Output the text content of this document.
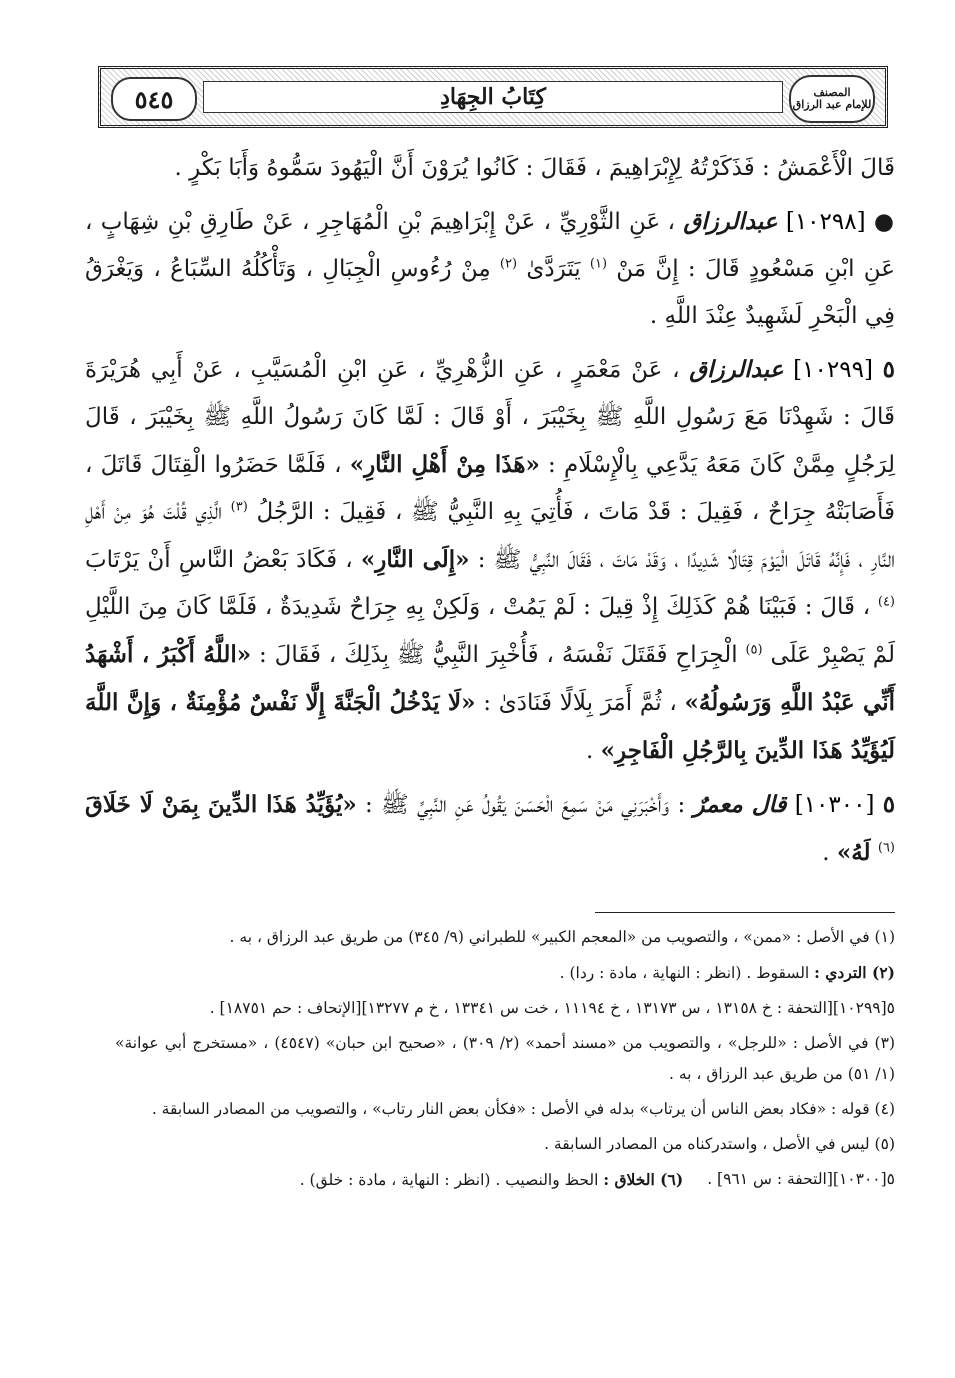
المصنف
للإمام عبد الرزاق
كِتَابُ الجِهَادِ
٥٤٥

قَالَ الْأَعْمَشُ : فَذَكَرْتُهُ لِإِبْرَاهِيمَ ، فَقَالَ : كَانُوا يُرَوْنَ أَنَّ الْيَهُودَ سَمُّوهُ وَأَبَا بَكْرٍ .

● [١٠٢٩٨] عبدالرزاق ، عَنِ الثَّوْرِيِّ ، عَنْ إِبْرَاهِيمَ بْنِ الْمُهَاجِرِ ، عَنْ طَارِقِ بْنِ شِهَابٍ ، عَنِ ابْنِ مَسْعُودٍ قَالَ : إِنَّ مَنْ $^{(١)}$ يَتَرَدَّىٰ $^{(٢)}$ مِنْ رُءُوسِ الْجِبَالِ ، وَتَأْكُلُهُ السِّبَاعُ ، وَيَغْرَقُ فِي الْبَحْرِ لَشَهِيدٌ عِنْدَ اللَّهِ .

٥ [١٠٢٩٩] عبدالرزاق ، عَنْ مَعْمَرٍ ، عَنِ الزُّهْرِيِّ ، عَنِ ابْنِ الْمُسَيَّبِ ، عَنْ أَبِي هُرَيْرَةَ قَالَ : شَهِدْنَا مَعَ رَسُولِ اللَّهِ ﷺ بِخَيْبَرَ ، أَوْ قَالَ : لَمَّا كَانَ رَسُولُ اللَّهِ ﷺ بِخَيْبَرَ ، قَالَ لِرَجُلٍ مِمَّنْ كَانَ مَعَهُ يَدَّعِي بِالْإِسْلَامِ : «هَذَا مِنْ أَهْلِ النَّارِ» ، فَلَمَّا حَضَرُوا الْقِتَالَ قَاتَلَ ، فَأَصَابَتْهُ جِرَاحٌ ، فَقِيلَ : قَدْ مَاتَ ، فَأُتِيَ بِهِ النَّبِيُّ ﷺ ، فَقِيلَ : الرَّجُلُ $^{(٣)}$ الَّذِي قُلْتَ هُوَ مِنْ أَهْلِ النَّارِ ، فَإِنَّهُ قَاتَلَ الْيَوْمَ قِتَالًا شَدِيدًا ، وَقَدْ مَاتَ ، فَقَالَ النَّبِيُّ ﷺ : «إِلَى النَّارِ» ، فَكَادَ بَعْضُ النَّاسِ أَنْ يَرْتَابَ $^{(٤)}$ ، قَالَ : فَبَيْنَا هُمْ كَذَلِكَ إِذْ قِيلَ : لَمْ يَمُتْ ، وَلَكِنْ بِهِ جِرَاحٌ شَدِيدَةٌ ، فَلَمَّا كَانَ مِنَ اللَّيْلِ لَمْ يَصْبِرْ عَلَى $^{(٥)}$ الْجِرَاحِ فَقَتَلَ نَفْسَهُ ، فَأُخْبِرَ النَّبِيُّ ﷺ بِذَلِكَ ، فَقَالَ : «اللَّهُ أَكْبَرُ ، أَشْهَدُ أَنِّي عَبْدُ اللَّهِ وَرَسُولُهُ» ، ثُمَّ أَمَرَ بِلَالًا فَنَادَىٰ : «لَا يَدْخُلُ الْجَنَّةَ إِلَّا نَفْسٌ مُؤْمِنَةٌ ، وَإِنَّ اللَّهَ لَيُؤَيِّدُ هَذَا الدِّينَ بِالرَّجُلِ الْفَاجِرِ» .

٥ [١٠٣٠٠] قال معمرٌ : وَأَخْبَرَنِي مَنْ سَمِعَ الْحَسَنَ يَقُولُ عَنِ النَّبِيِّ ﷺ : «يُؤَيِّدُ هَذَا الدِّينَ بِمَنْ لَا خَلَاقَ $^{(٦)}$ لَهُ» .

(١) في الأصل : «ممن» ، والتصويب من «المعجم الكبير» للطبراني (٩/ ٣٤٥) من طريق عبد الرزاق ، به .

(٢) التردي : السقوط . (انظر : النهاية ، مادة : ردا) .

٥[١٠٢٩٩][التحفة : خ ١٣١٥٨ ، س ١٣١٧٣ ، خ ١١١٩٤ ، خت س ١٣٣٤١ ، خ م ١٣٢٧٧][الإتحاف : حم ١٨٧٥١] .

(٣) في الأصل : «للرجل» ، والتصويب من «مسند أحمد» (٢/ ٣٠٩) ، «صحيح ابن حبان» (٤٥٤٧) ، «مستخرج أبي عوانة» (١/ ٥١) من طريق عبد الرزاق ، به .

(٤) قوله : «فكاد بعض الناس أن يرتاب» بدله في الأصل : «فكأن بعض النار رتاب» ، والتصويب من المصادر السابقة .

(٥) ليس في الأصل ، واستدركناه من المصادر السابقة .

٥[١٠٣٠٠][التحفة : س ٩٦١] .
(٦) الخلاق : الحظ والنصيب . (انظر : النهاية ، مادة : خلق) .
